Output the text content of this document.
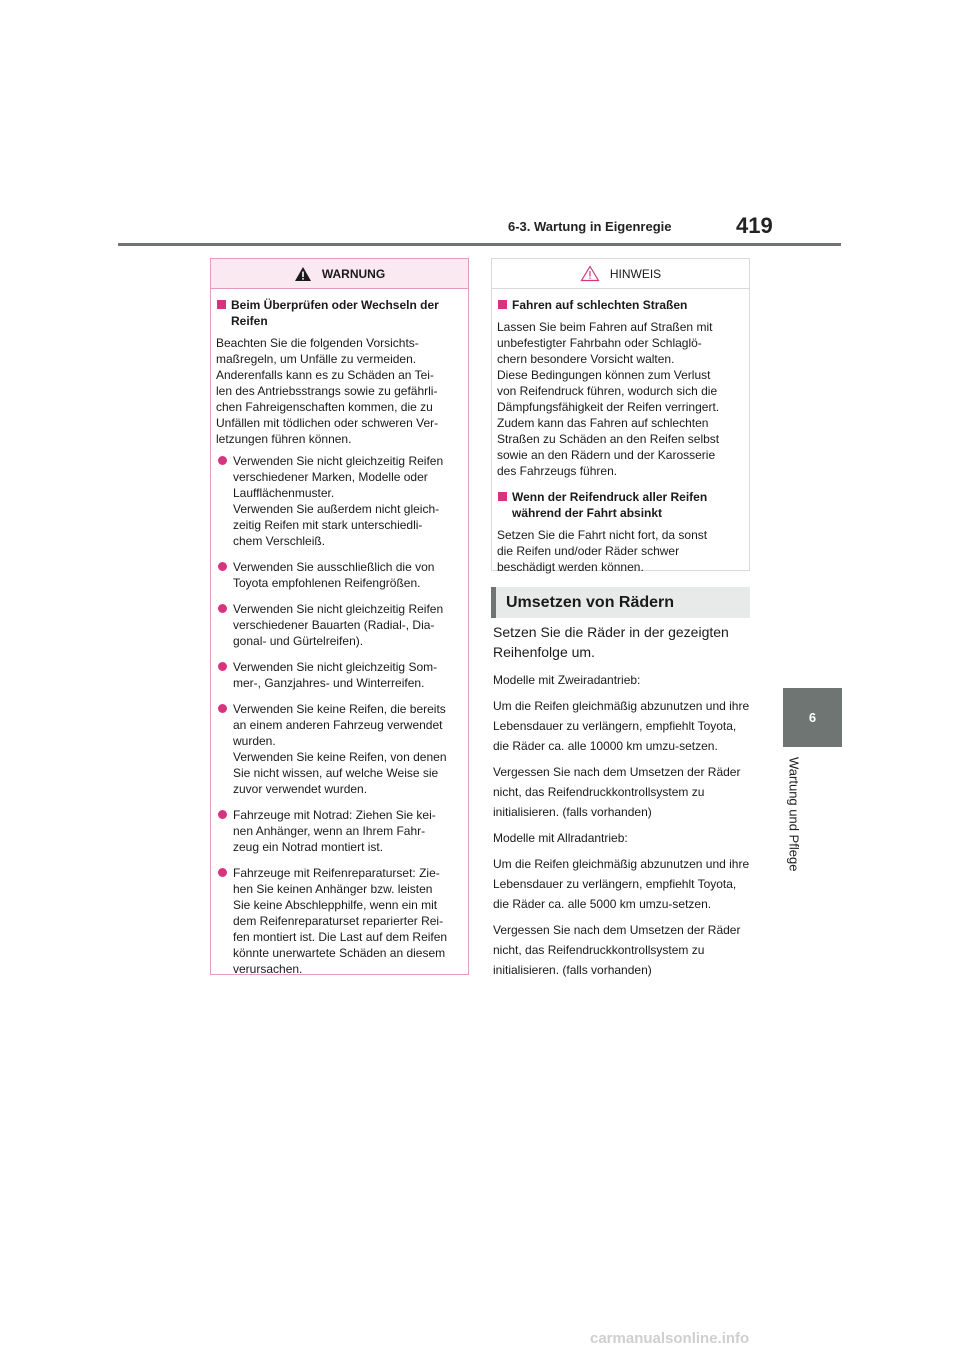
6-3. Wartung in Eigenregie	419
6
Wartung und Pflege
WARNUNG
Beim Überprüfen oder Wechseln der Reifen

Beachten Sie die folgenden Vorsichts-
maßregeln, um Unfälle zu vermeiden.
Anderenfalls kann es zu Schäden an Tei-
len des Antriebsstrangs sowie zu gefährli-
chen Fahreigenschaften kommen, die zu
Unfällen mit tödlichen oder schweren Ver-
letzungen führen können.

Verwenden Sie nicht gleichzeitig Reifen
verschiedener Marken, Modelle oder
Laufflächenmuster.
Verwenden Sie außerdem nicht gleich-
zeitig Reifen mit stark unterschiedli-
chem Verschleiß.
Verwenden Sie ausschließlich die von
Toyota empfohlenen Reifengrößen.
Verwenden Sie nicht gleichzeitig Reifen
verschiedener Bauarten (Radial-, Dia-
gonal- und Gürtelreifen).
Verwenden Sie nicht gleichzeitig Som-
mer-, Ganzjahres- und Winterreifen.
Verwenden Sie keine Reifen, die bereits
an einem anderen Fahrzeug verwendet
wurden.
Verwenden Sie keine Reifen, von denen
Sie nicht wissen, auf welche Weise sie
zuvor verwendet wurden.
Fahrzeuge mit Notrad: Ziehen Sie kei-
nen Anhänger, wenn an Ihrem Fahr-
zeug ein Notrad montiert ist.
Fahrzeuge mit Reifenreparaturset: Zie-
hen Sie keinen Anhänger bzw. leisten
Sie keine Abschlepphilfe, wenn ein mit
dem Reifenreparaturset reparierter Rei-
fen montiert ist. Die Last auf dem Reifen
könnte unerwartete Schäden an diesem
verursachen.
HINWEIS
Fahren auf schlechten Straßen

Lassen Sie beim Fahren auf Straßen mit
unbefestigter Fahrbahn oder Schlaglö-
chern besondere Vorsicht walten.
Diese Bedingungen können zum Verlust
von Reifendruck führen, wodurch sich die
Dämpfungsfähigkeit der Reifen verringert.
Zudem kann das Fahren auf schlechten
Straßen zu Schäden an den Reifen selbst
sowie an den Rädern und der Karosserie
des Fahrzeugs führen.

Wenn der Reifendruck aller Reifen
während der Fahrt absinkt

Setzen Sie die Fahrt nicht fort, da sonst
die Reifen und/oder Räder schwer
beschädigt werden können.

Umsetzen von Rädern

Setzen Sie die Räder in der gezeigten Reihenfolge um.

Modelle mit Zweiradantrieb:

Um die Reifen gleichmäßig abzunutzen und ihre Lebensdauer zu verlängern, empfiehlt Toyota, die Räder ca. alle 10000 km umzu-setzen.

Vergessen Sie nach dem Umsetzen der Räder nicht, das Reifendruckkontrollsystem zu initialisieren. (falls vorhanden)

Modelle mit Allradantrieb:

Um die Reifen gleichmäßig abzunutzen und ihre Lebensdauer zu verlängern, empfiehlt Toyota, die Räder ca. alle 5000 km umzu-setzen.

Vergessen Sie nach dem Umsetzen der Räder nicht, das Reifendruckkontrollsystem zu initialisieren. (falls vorhanden)

carmanualsonline.info
